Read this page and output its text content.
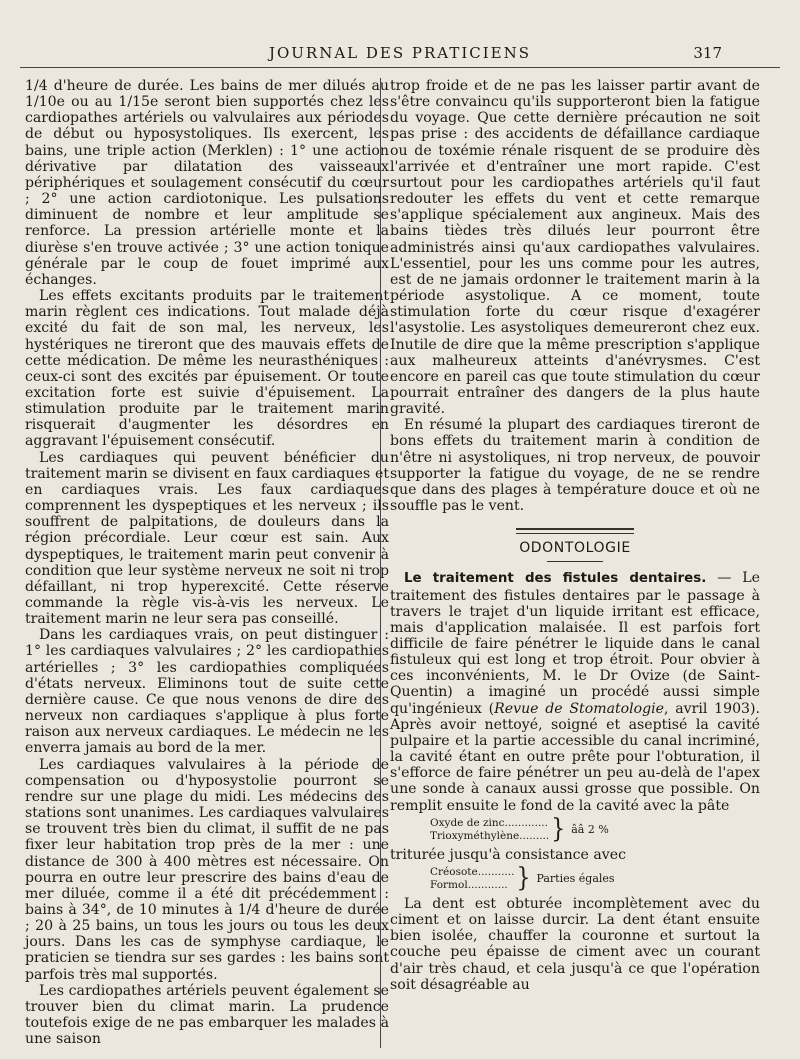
JOURNAL DES PRATICIENS	317

1/4 d'heure de durée. Les bains de mer dilués au 1/10e ou au 1/15e seront bien supportés chez les cardiopathes artériels ou valvulaires aux périodes de début ou hyposystoliques. Ils exercent, les bains, une triple action (Merklen) : 1° une action dérivative par dilatation des vaisseaux périphériques et soulagement consécutif du cœur ; 2° une action cardiotonique. Les pulsations diminuent de nombre et leur amplitude se renforce. La pression artérielle monte et la diurèse s'en trouve activée ; 3° une action tonique générale par le coup de fouet imprimé aux échanges.

Les effets excitants produits par le traitement marin règlent ces indications. Tout malade déjà excité du fait de son mal, les nerveux, les hystériques ne tireront que des mauvais effets de cette médication. De même les neurasthéniques : ceux-ci sont des excités par épuisement. Or toute excitation forte est suivie d'épuisement. La stimulation produite par le traitement marin risquerait d'augmenter les désordres en aggravant l'épuisement consécutif.

Les cardiaques qui peuvent bénéficier du traitement marin se divisent en faux cardiaques et en cardiaques vrais. Les faux cardiaques comprennent les dyspeptiques et les nerveux ; ils souffrent de palpitations, de douleurs dans la région précordiale. Leur cœur est sain. Aux dyspeptiques, le traitement marin peut convenir à condition que leur système nerveux ne soit ni trop défaillant, ni trop hyperexcité. Cette réserve commande la règle vis-à-vis les nerveux. Le traitement marin ne leur sera pas conseillé.

Dans les cardiaques vrais, on peut distinguer : 1° les cardiaques valvulaires ; 2° les cardiopathies artérielles ; 3° les cardiopathies compliquées d'états nerveux. Eliminons tout de suite cette dernière cause. Ce que nous venons de dire des nerveux non cardiaques s'applique à plus forte raison aux nerveux cardiaques. Le médecin ne les enverra jamais au bord de la mer.

Les cardiaques valvulaires à la période de compensation ou d'hyposystolie pourront se rendre sur une plage du midi. Les médecins des stations sont unanimes. Les cardiaques valvulaires se trouvent très bien du climat, il suffit de ne pas fixer leur habitation trop près de la mer : une distance de 300 à 400 mètres est nécessaire. On pourra en outre leur prescrire des bains d'eau de mer diluée, comme il a été dit précédemment : bains à 34°, de 10 minutes à 1/4 d'heure de durée ; 20 à 25 bains, un tous les jours ou tous les deux jours. Dans les cas de symphyse cardiaque, le praticien se tiendra sur ses gardes : les bains sont parfois très mal supportés.

Les cardiopathes artériels peuvent également se trouver bien du climat marin. La prudence toutefois exige de ne pas embarquer les malades à une saison

trop froide et de ne pas les laisser partir avant de s'être convaincu qu'ils supporteront bien la fatigue du voyage. Que cette dernière précaution ne soit pas prise : des accidents de défaillance cardiaque ou de toxémie rénale risquent de se produire dès l'arrivée et d'entraîner une mort rapide. C'est surtout pour les cardiopathes artériels qu'il faut redouter les effets du vent et cette remarque s'applique spécialement aux angineux. Mais des bains tièdes très dilués leur pourront être administrés ainsi qu'aux cardiopathes valvulaires. L'essentiel, pour les uns comme pour les autres, est de ne jamais ordonner le traitement marin à la période asystolique. A ce moment, toute stimulation forte du cœur risque d'exagérer l'asystolie. Les asystoliques demeureront chez eux. Inutile de dire que la même prescription s'applique aux malheureux atteints d'anévrysmes. C'est encore en pareil cas que toute stimulation du cœur pourrait entraîner des dangers de la plus haute gravité.

En résumé la plupart des cardiaques tireront de bons effets du traitement marin à condition de n'être ni asystoliques, ni trop nerveux, de pouvoir supporter la fatigue du voyage, de ne se rendre que dans des plages à température douce et où ne souffle pas le vent.

ODONTOLOGIE

Le traitement des fistules dentaires. — Le traitement des fistules dentaires par le passage à travers le trajet d'un liquide irritant est efficace, mais d'application malaisée. Il est parfois fort difficile de faire pénétrer le liquide dans le canal fistuleux qui est long et trop étroit. Pour obvier à ces inconvénients, M. le Dr Ovize (de Saint-Quentin) a imaginé un procédé aussi simple qu'ingénieux (Revue de Stomatologie, avril 1903). Après avoir nettoyé, soigné et aseptisé la cavité pulpaire et la partie accessible du canal incriminé, la cavité étant en outre prête pour l'obturation, il s'efforce de faire pénétrer un peu au-delà de l'apex une sonde à canaux aussi grosse que possible. On remplit ensuite le fond de la cavité avec la pâte

Oxyde de zinc.............
Trioxyméthylène......... } ââ 2 %

triturée jusqu'à consistance avec

Créosote...........
Formol............ } Parties égales

La dent est obturée incomplètement avec du ciment et on laisse durcir. La dent étant ensuite bien isolée, chauffer la couronne et surtout la couche peu épaisse de ciment avec un courant d'air très chaud, et cela jusqu'à ce que l'opération soit désagréable au
